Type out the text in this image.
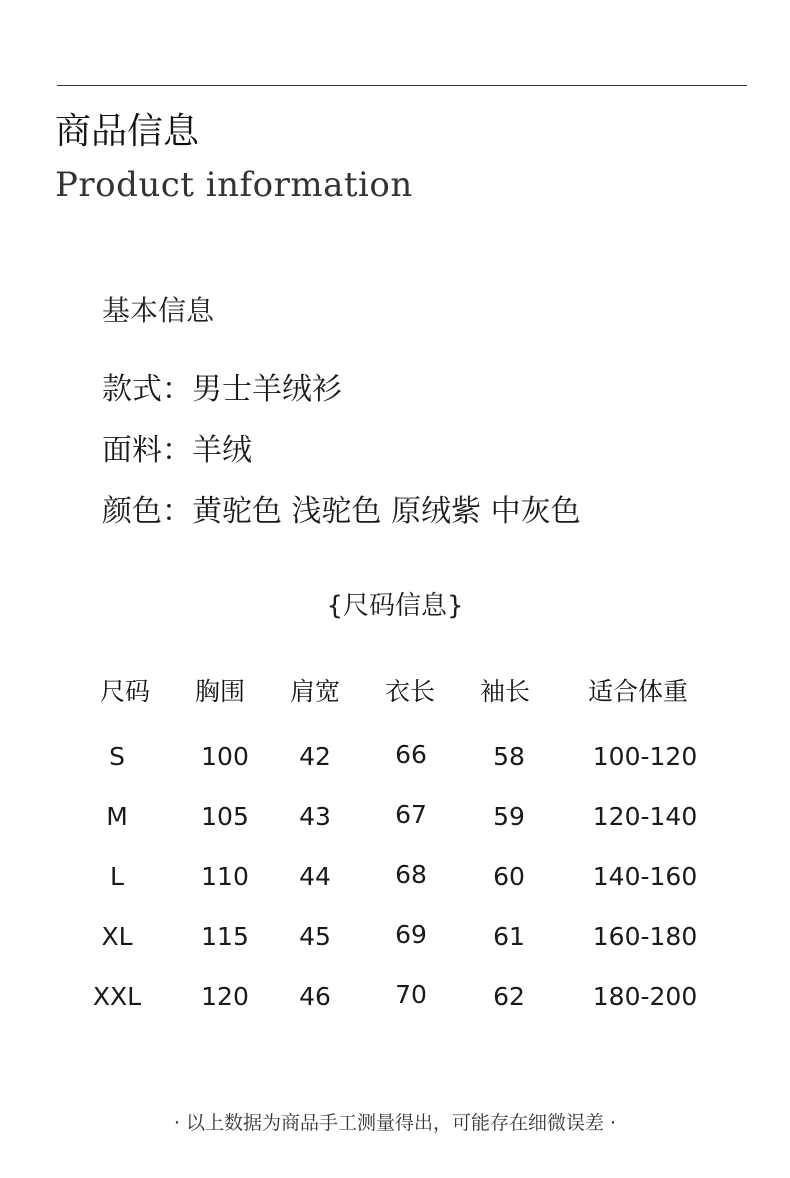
商品信息
Product information
基本信息
款式：男士羊绒衫
面料：羊绒
颜色：黄驼色 浅驼色 原绒紫 中灰色
{尺码信息}
尺码 胸围 肩宽 衣长 袖长 适合体重
S	100 42	66	58	100-120
M	105 43	67	59	120-140
L	110 44	68	60	140-160
XL	115 45	69	61	160-180
XXL 120 46	70	62	180-200
· 以上数据为商品手工测量得出，可能存在细微误差 ·
